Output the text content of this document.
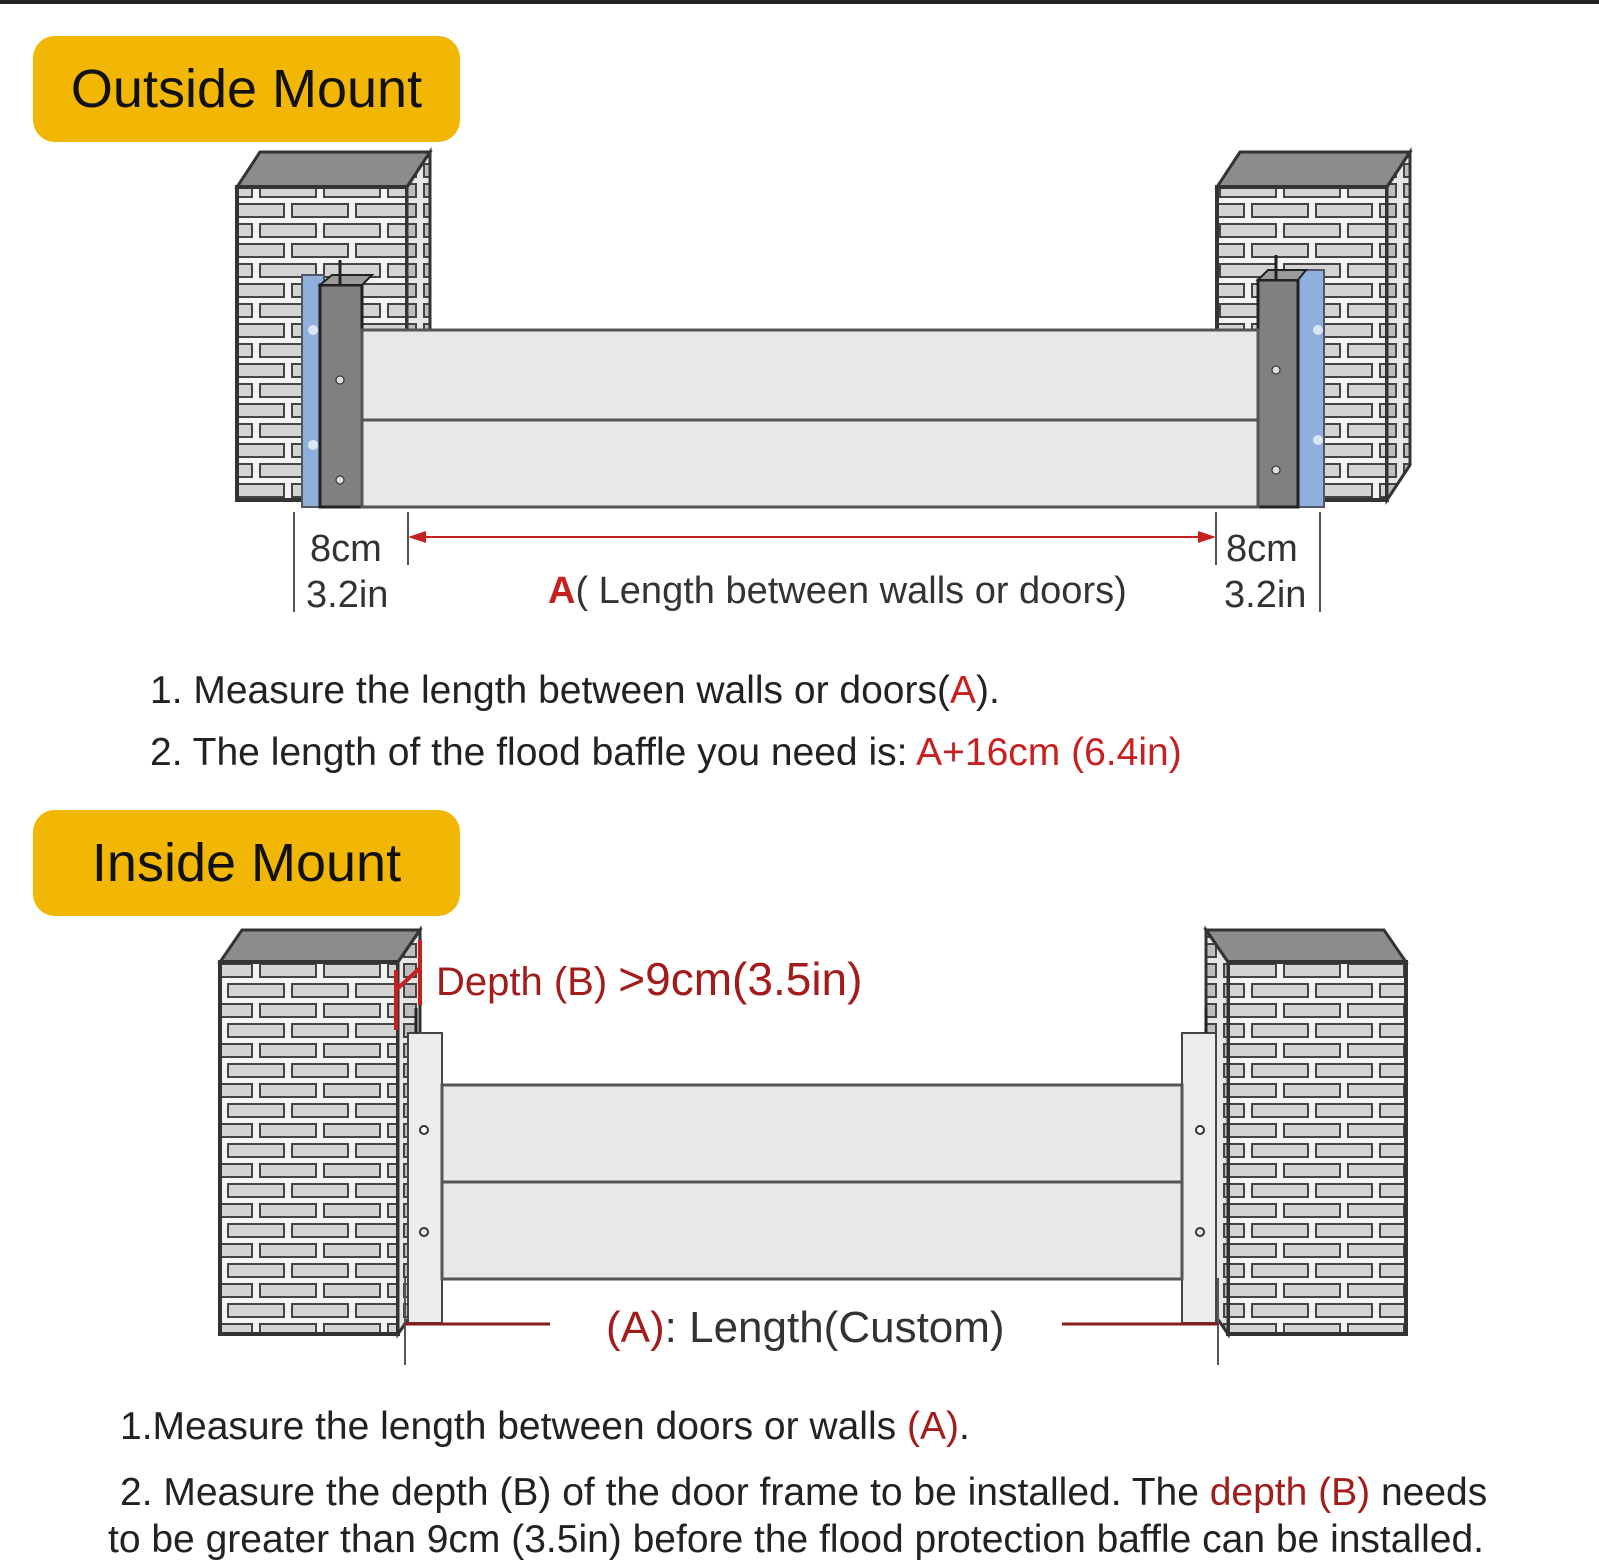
Outside Mount
8cm
3.2in
8cm
3.2in
A( Length between walls or doors)
1. Measure the length between walls or doors(A).
2. The length of the flood baffle you need is: A+16cm (6.4in)
Inside Mount
Depth (B) >9cm(3.5in)
(A): Length(Custom)
1.Measure the length between doors or walls (A).
2. Measure the depth (B) of the door frame to be installed. The depth (B) needs
to be greater than 9cm (3.5in) before the flood protection baffle can be installed.
